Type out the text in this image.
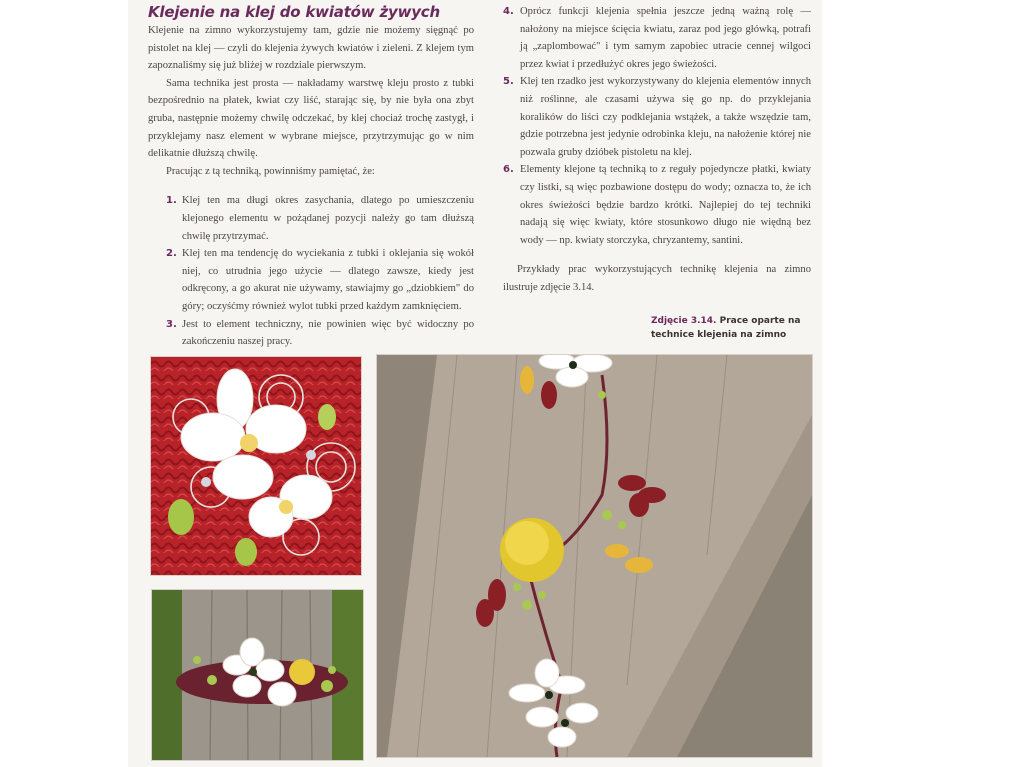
Klejenie na klej do kwiatów żywych

Klejenie na zimno wykorzystujemy tam, gdzie nie możemy sięgnąć po pistolet na klej — czyli do klejenia żywych kwiatów i zieleni. Z klejem tym zapoznaliśmy się już bliżej w rozdziale pierwszym.

Sama technika jest prosta — nakładamy warstwę kleju prosto z tubki bezpośrednio na płatek, kwiat czy liść, starając się, by nie była ona zbyt gruba, następnie możemy chwilę odczekać, by klej chociaż trochę zastygł, i przyklejamy nasz element w wybrane miejsce, przytrzymując go w nim delikatnie dłuższą chwilę.

Pracując z tą techniką, powinniśmy pamiętać, że:

1. Klej ten ma długi okres zasychania, dlatego po umieszczeniu klejonego elementu w pożądanej pozycji należy go tam dłuższą chwilę przytrzymać.
2. Klej ten ma tendencję do wyciekania z tubki i oklejania się wokół niej, co utrudnia jego użycie — dlatego zawsze, kiedy jest odkręcony, a go akurat nie używamy, stawiajmy go „dziobkiem" do góry; oczyśćmy również wylot tubki przed każdym zamknięciem.
3. Jest to element techniczny, nie powinien więc być widoczny po zakończeniu naszej pracy.
4. Oprócz funkcji klejenia spełnia jeszcze jedną ważną rolę — nałożony na miejsce ścięcia kwiatu, zaraz pod jego główką, potrafi ją „zaplombować" i tym samym zapobiec utracie cennej wilgoci przez kwiat i przedłużyć okres jego świeżości.
5. Klej ten rzadko jest wykorzystywany do klejenia elementów innych niż roślinne, ale czasami używa się go np. do przyklejania koralików do liści czy podklejania wstążek, a także wszędzie tam, gdzie potrzebna jest jedynie odrobinka kleju, na nałożenie której nie pozwala gruby dzióbek pistoletu na klej.
6. Elementy klejone tą techniką to z reguły pojedyncze płatki, kwiaty czy listki, są więc pozbawione dostępu do wody; oznacza to, że ich okres świeżości będzie bardzo krótki. Najlepiej do tej techniki nadają się więc kwiaty, które stosunkowo długo nie więdną bez wody — np. kwiaty storczyka, chryzantemy, santini.

Przykłady prac wykorzystujących technikę klejenia na zimno ilustruje zdjęcie 3.14.

Zdjęcie 3.14. Prace oparte na technice klejenia na zimno
